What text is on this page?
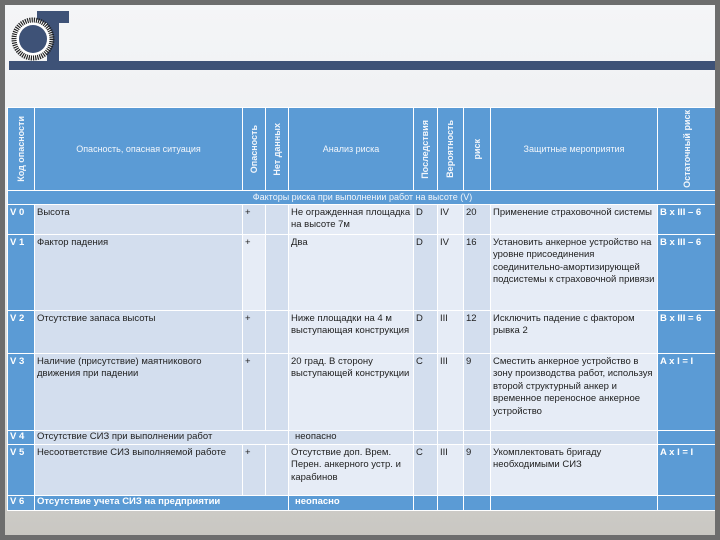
Код опасности	Опасность, опасная ситуация	Опасность	Нет данных	Анализ риска	Последствия	Вероятность	риск	Защитные мероприятия	Остаточный риск

Факторы риска при выполнении работ на высоте (V)									
V 0	Высота	+		Не огражденная площадка на высоте 7м	D	IV	20	Применение страховочной системы	B x III – 6
V 1	Фактор падения	+		Два	D	IV	16	Установить анкерное устройство на уровне присоединения соединительно-амортизирующей подсистемы к страховочной привязи	B x III – 6
V 2	Отсутствие запаса высоты	+		Ниже площадки на 4 м выступающая конструкция	D	III	12	Исключить падение с фактором рывка 2	B x III = 6
V 3	Наличие (присутствие) маятникового движения при падении	+		20 град. В сторону выступающей конструкции	C	III	9	Сместить анкерное устройство в зону производства работ, используя второй структурный анкер и временное переносное анкерное устройство	A x I = I
V 4	Отсутствие СИЗ при выполнении работ			неопасно					
V 5	Несоответствие СИЗ выполняемой работе	+		Отсутствие доп. Врем. Перен. анкерного устр. и карабинов	C	III	9	Укомплектовать бригаду необходимыми СИЗ	A x I = I
V 6	Отсутствие учета СИЗ на предприятии			неопасно					
